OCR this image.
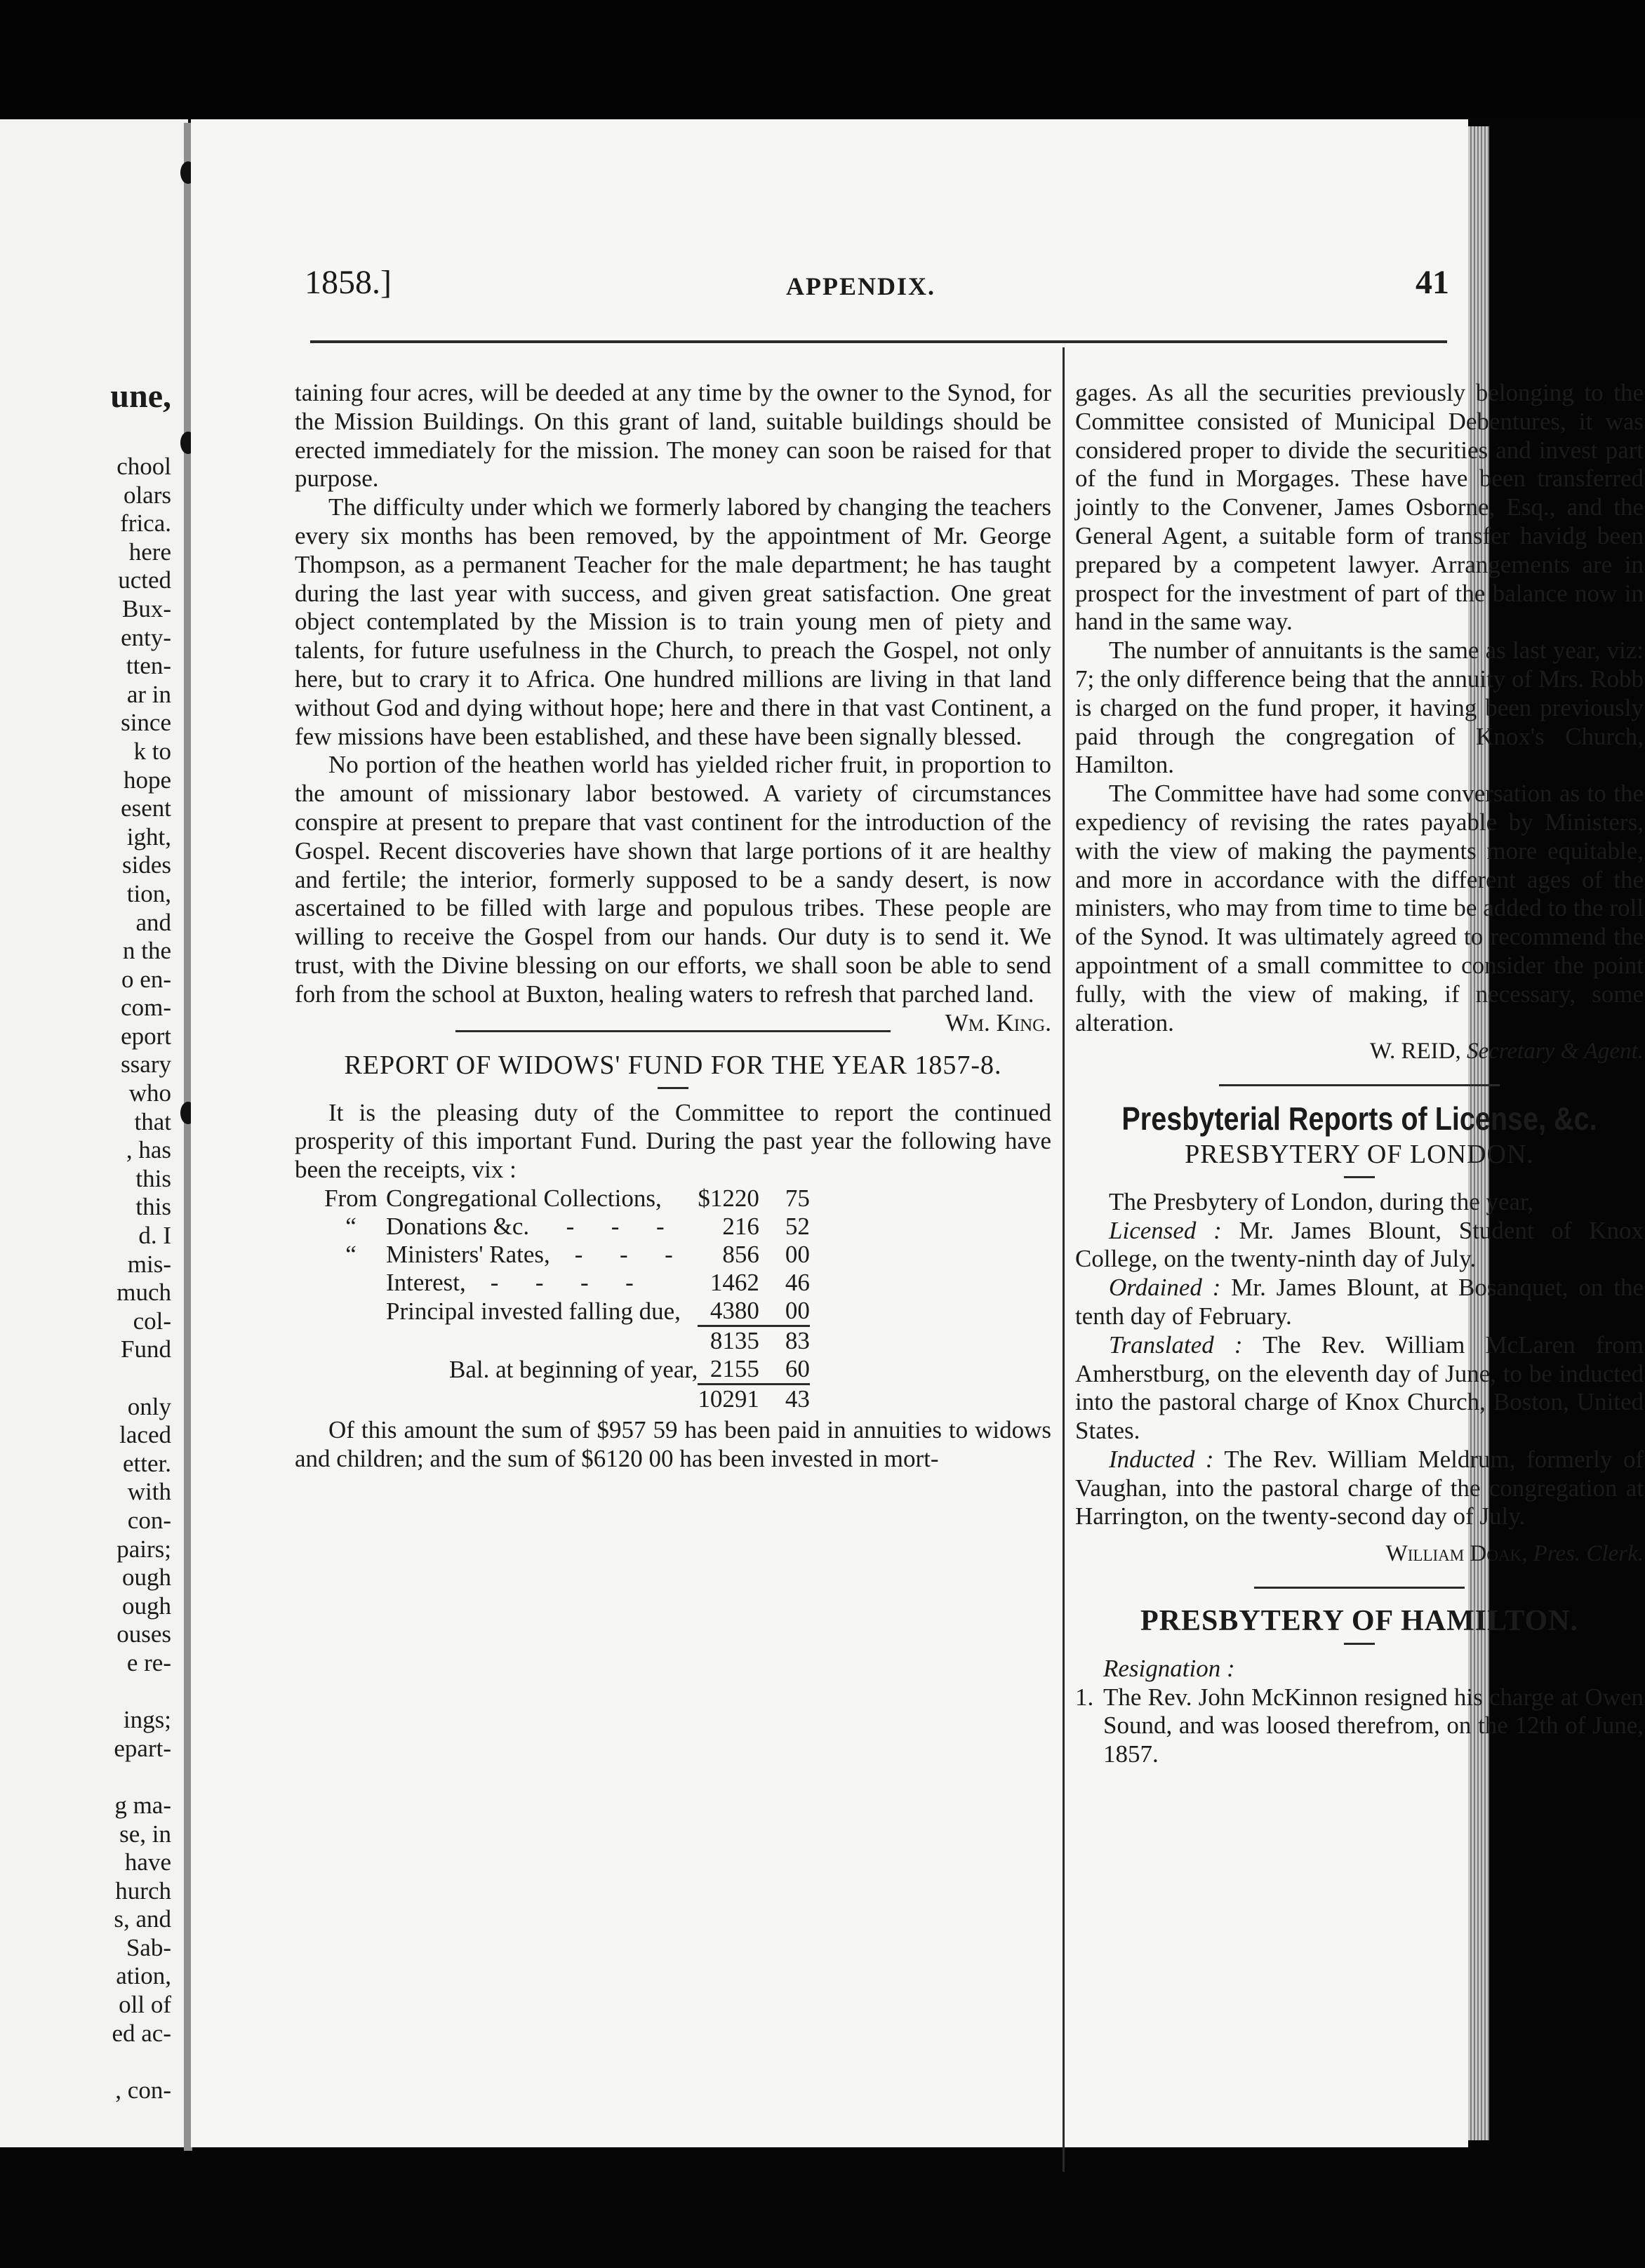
une,
chool
olars
frica.
here
ucted
Bux-
enty-
tten-
ar in
since
k to
hope
esent
ight,
sides
tion,
and
n the
o en-
com-
eport
ssary
who
that
, has
this
this
d. I
mis-
much
col-
Fund

only
laced
etter.
with
con-
pairs;
ough
ough
ouses
e re-

ings;
epart-

g ma-
se, in
have
hurch
s, and
Sab-
ation,
oll of
ed ac-

, con-
1858.]	APPENDIX.	41

taining four acres, will be deeded at any time by the owner to the Synod, for the Mission Buildings. On this grant of land, suitable buildings should be erected immediately for the mission. The money can soon be raised for that purpose.

The difficulty under which we formerly labored by changing the teachers every six months has been removed, by the appointment of Mr. George Thompson, as a permanent Teacher for the male department; he has taught during the last year with success, and given great satisfaction. One great object contemplated by the Mission is to train young men of piety and talents, for future usefulness in the Church, to preach the Gospel, not only here, but to crary it to Africa. One hundred millions are living in that land without God and dying without hope; here and there in that vast Continent, a few missions have been established, and these have been signally blessed.

No portion of the heathen world has yielded richer fruit, in proportion to the amount of missionary labor bestowed. A variety of circumstances conspire at present to prepare that vast continent for the introduction of the Gospel. Recent discoveries have shown that large portions of it are healthy and fertile; the interior, formerly supposed to be a sandy desert, is now ascertained to be filled with large and populous tribes. These people are willing to receive the Gospel from our hands. Our duty is to send it. We trust, with the Divine blessing on our efforts, we shall soon be able to send forh from the school at Buxton, healing waters to refresh that parched land.
Wm. King.

REPORT OF WIDOWS' FUND FOR THE YEAR 1857-8.

It is the pleasing duty of the Committee to report the continued prosperity of this important Fund. During the past year the following have been the receipts, vix :

From	Congregational Collections,	$1220	75
“	Donations &c.      -      -      -	216	52
“	Ministers' Rates,    -      -      -	856	00
	Interest,    -      -      -      -	1462	46
	Principal invested falling due,	4380	00
		8135	83
	Bal. at beginning of year,	2155	60
		10291	43

Of this amount the sum of $957 59 has been paid in annuities to widows and children; and the sum of $6120 00 has been invested in mort-

gages. As all the securities previously belonging to the Committee consisted of Municipal Debentures, it was considered proper to divide the securities and invest part of the fund in Morgages. These have been transferred jointly to the Convener, James Osborne, Esq., and the General Agent, a suitable form of transfer havidg been prepared by a competent lawyer. Arrangements are in prospect for the investment of part of the balance now in hand in the same way.

The number of annuitants is the same as last year, viz: 7; the only difference being that the annuity of Mrs. Robb is charged on the fund proper, it having been previously paid through the congregation of Knox's Church, Hamilton.

The Committee have had some conversation as to the expediency of revising the rates payable by Ministers, with the view of making the payments more equitable, and more in accordance with the different ages of the ministers, who may from time to time be added to the roll of the Synod. It was ultimately agreed to recommend the appointment of a small committee to consider the point fully, with the view of making, if necessary, some alteration.

W. REID, Secretary & Agent.

Presbyterial Reports of License, &c.
PRESBYTERY OF LONDON.

The Presbytery of London, during the year,

Licensed : Mr. James Blount, Student of Knox College, on the twenty-ninth day of July.

Ordained : Mr. James Blount, at Bosanquet, on the tenth day of February.

Translated : The Rev. William McLaren from Amherstburg, on the eleventh day of June, to be inducted into the pastoral charge of Knox Church, Boston, United States.

Inducted : The Rev. William Meldrum, formerly of Vaughan, into the pastoral charge of the congregation at Harrington, on the twenty-second day of July.

William Doak, Pres. Clerk.

PRESBYTERY OF HAMILTON.

Resignation :

1. The Rev. John McKinnon resigned his charge at Owen Sound, and was loosed therefrom, on the 12th of June, 1857.
